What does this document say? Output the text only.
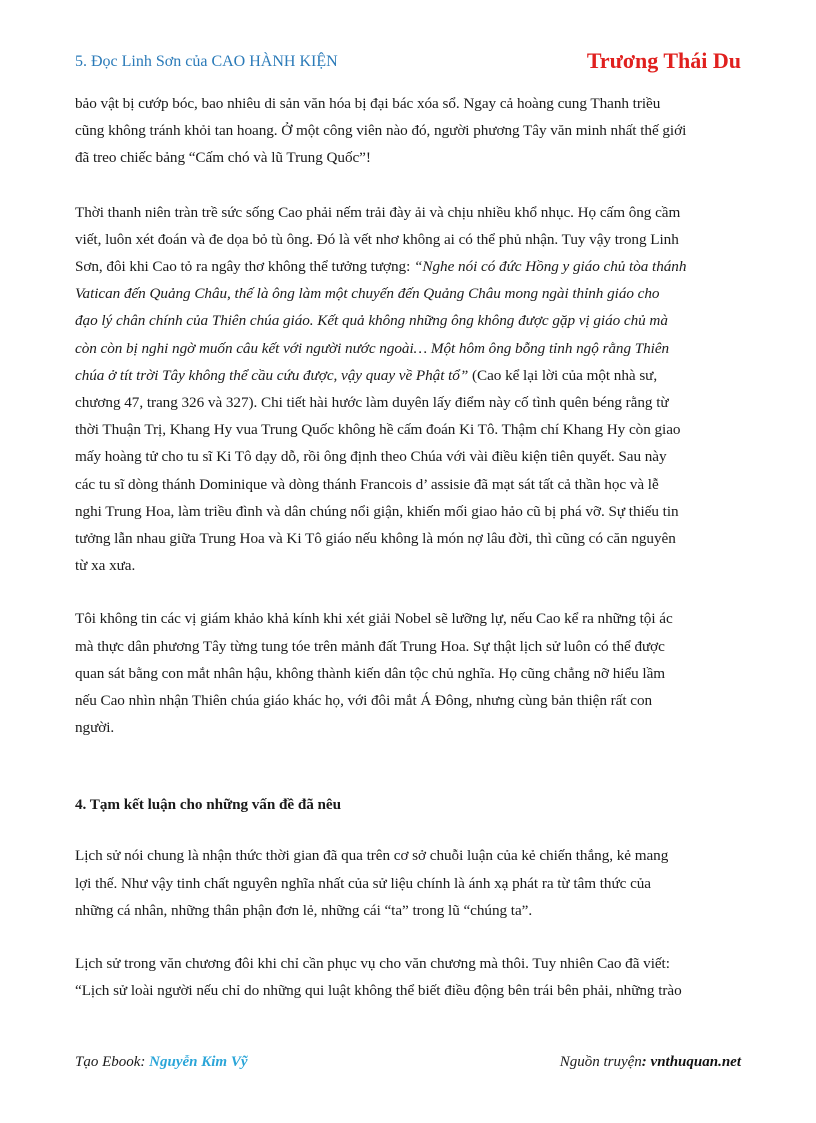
5. Đọc Linh Sơn của CAO HÀNH KIỆN	Trương Thái Du

bảo vật bị cướp bóc, bao nhiêu di sản văn hóa bị đại bác xóa sổ. Ngay cả hoàng cung Thanh triều
cũng không tránh khỏi tan hoang. Ở một công viên nào đó, người phương Tây văn minh nhất thế giới
đã treo chiếc bảng “Cấm chó và lũ Trung Quốc”!

Thời thanh niên tràn trề sức sống Cao phải nếm trải đày ải và chịu nhiều khổ nhục. Họ cấm ông cầm
viết, luôn xét đoán và đe dọa bỏ tù ông. Đó là vết nhơ không ai có thể phủ nhận. Tuy vậy trong Linh
Sơn, đôi khi Cao tỏ ra ngây thơ không thể tưởng tượng: “Nghe nói có đức Hồng y giáo chủ tòa thánh
Vatican đến Quảng Châu, thế là ông làm một chuyến đến Quảng Châu mong ngài thỉnh giáo cho
đạo lý chân chính của Thiên chúa giáo. Kết quả không những ông không được gặp vị giáo chủ mà
còn còn bị nghi ngờ muốn câu kết với người nước ngoài… Một hôm ông bỗng tỉnh ngộ rằng Thiên
chúa ở tít trời Tây không thể cầu cứu được, vậy quay về Phật tổ” (Cao kể lại lời của một nhà sư,
chương 47, trang 326 và 327). Chi tiết hài hước làm duyên lấy điểm này cố tình quên béng rằng từ
thời Thuận Trị, Khang Hy vua Trung Quốc không hề cấm đoán Ki Tô. Thậm chí Khang Hy còn giao
mấy hoàng tử cho tu sĩ Ki Tô dạy dỗ, rồi ông định theo Chúa với vài điều kiện tiên quyết. Sau này
các tu sĩ dòng thánh Dominique và dòng thánh Francois d’ assisie đã mạt sát tất cả thần học và lễ
nghi Trung Hoa, làm triều đình và dân chúng nổi giận, khiến mối giao hảo cũ bị phá vỡ. Sự thiếu tin
tưởng lẫn nhau giữa Trung Hoa và Ki Tô giáo nếu không là món nợ lâu đời, thì cũng có căn nguyên
từ xa xưa.

Tôi không tin các vị giám khảo khả kính khi xét giải Nobel sẽ lưỡng lự, nếu Cao kể ra những tội ác
mà thực dân phương Tây từng tung tóe trên mảnh đất Trung Hoa. Sự thật lịch sử luôn có thể được
quan sát bằng con mắt nhân hậu, không thành kiến dân tộc chủ nghĩa. Họ cũng chẳng nỡ hiểu lầm
nếu Cao nhìn nhận Thiên chúa giáo khác họ, với đôi mắt Á Đông, nhưng cùng bản thiện rất con
người.

4. Tạm kết luận cho những vấn đề đã nêu

Lịch sử nói chung là nhận thức thời gian đã qua trên cơ sở chuỗi luận của kẻ chiến thắng, kẻ mang
lợi thế. Như vậy tinh chất nguyên nghĩa nhất của sử liệu chính là ánh xạ phát ra từ tâm thức của
những cá nhân, những thân phận đơn lẻ, những cái “ta” trong lũ “chúng ta”.

Lịch sử trong văn chương đôi khi chỉ cần phục vụ cho văn chương mà thôi. Tuy nhiên Cao đã viết:
“Lịch sử loài người nếu chỉ do những qui luật không thể biết điều động bên trái bên phải, những trào

Tạo Ebook: Nguyễn Kim Vỹ	Nguồn truyện: vnthuquan.net
